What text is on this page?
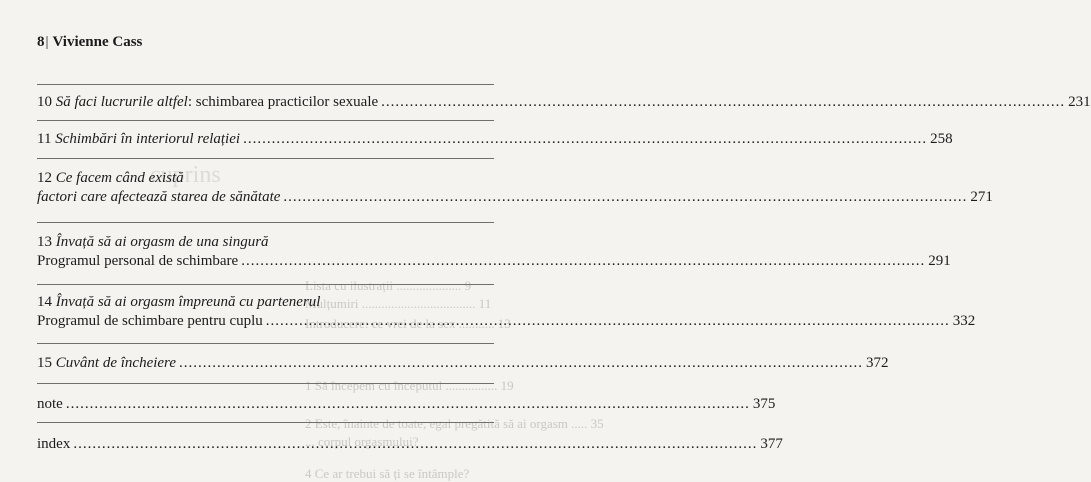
cuprins
Lista cu ilustrații .................... 9
Mulțumiri ................................... 11
Introducere: ce vrei de la sex ........... 13
1 Să începem cu începutul ................ 19
2 Este, înainte de toate, egal pregătită să ai orgasm ..... 35
... corpul orgasmului?
4 Ce ar trebui să ți se întâmple?
8| Vivienne Cass
10
Să faci lucrurile altfel : schimbarea practicilor sexuale .....	231
11
Schimbări în interiorul relației .....	258
12
Ce facem când există
factori care afectează starea de sănătate .....	271
13
Învață să ai orgasm de una singură
Programul personal de schimbare .....	291
14
Învață să ai orgasm împreună cu partenerul
Programul de schimbare pentru cuplu .....	332
15
Cuvânt de încheiere .....	372
note .....	375
index .....	377
